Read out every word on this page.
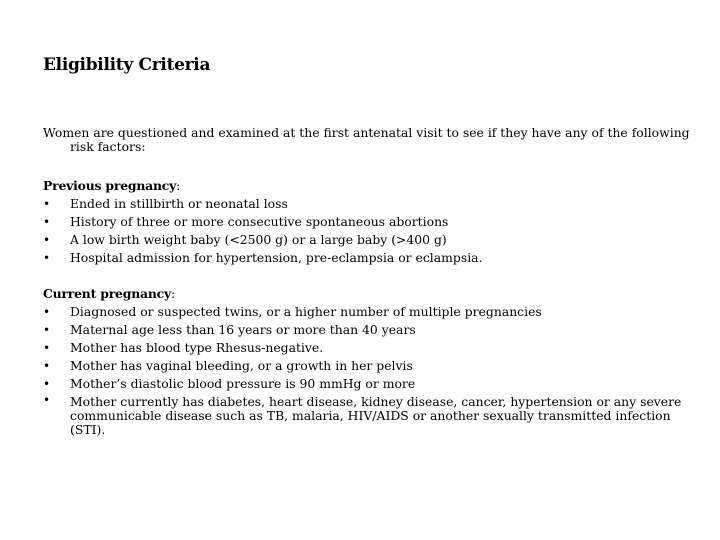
Eligibility Criteria
Women are questioned and examined at the first antenatal visit to see if they have any of the following
risk factors:
Previous pregnancy:
• Ended in stillbirth or neonatal loss
• History of three or more consecutive spontaneous abortions
• A low birth weight baby (<2500 g) or a large baby (>400 g)
• Hospital admission for hypertension, pre-eclampsia or eclampsia.
Current pregnancy:
• Diagnosed or suspected twins, or a higher number of multiple pregnancies
• Maternal age less than 16 years or more than 40 years
• Mother has blood type Rhesus-negative.
• Mother has vaginal bleeding, or a growth in her pelvis
• Mother’s diastolic blood pressure is 90 mmHg or more
• Mother currently has diabetes, heart disease, kidney disease, cancer, hypertension or any severe communicable disease such as TB, malaria, HIV/AIDS or another sexually transmitted infection (STI).
